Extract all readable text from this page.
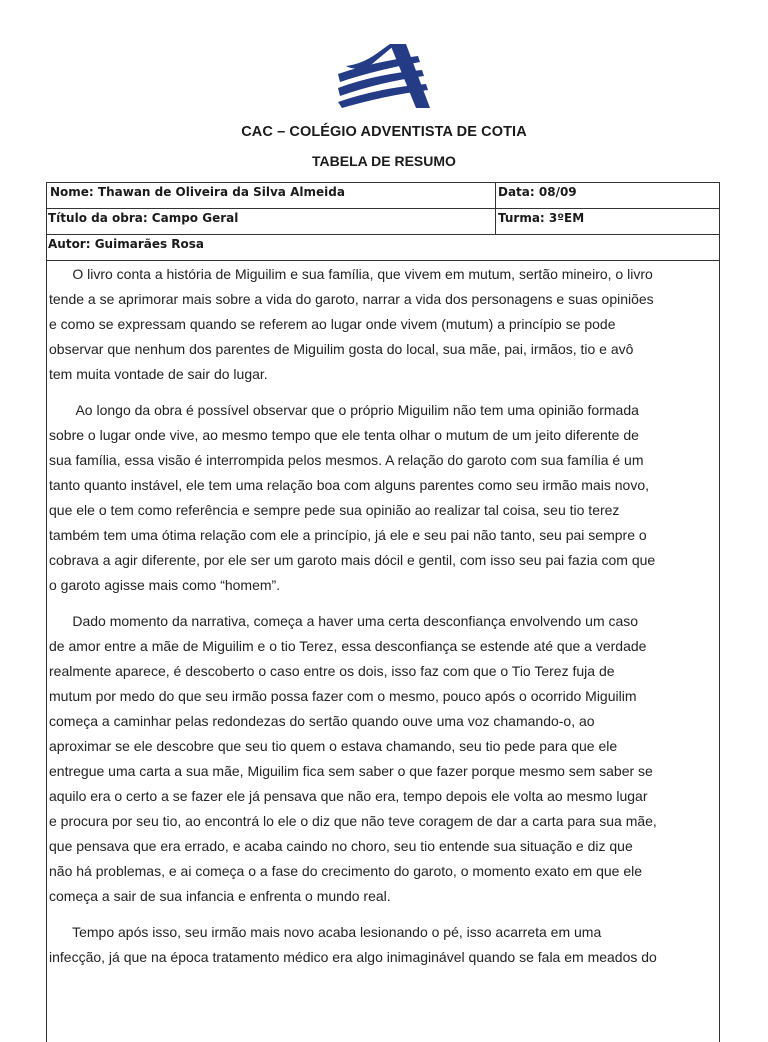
CAC – COLÉGIO ADVENTISTA DE COTIA
TABELA DE RESUMO
Nome: Thawan de Oliveira da Silva Almeida	Data: 08/09
Título da obra: Campo Geral	Turma: 3ºEM
Autor: Guimarães Rosa
O livro conta a história de Miguilim e sua família, que vivem em mutum, sertão mineiro, o livro
tende a se aprimorar mais sobre a vida do garoto, narrar a vida dos personagens e suas opiniões
e como se expressam quando se referem ao lugar onde vivem (mutum) a princípio se pode
observar que nenhum dos parentes de Miguilim gosta do local, sua mãe, pai, irmãos, tio e avô
tem muita vontade de sair do lugar.
Ao longo da obra é possível observar que o próprio Miguilim não tem uma opinião formada
sobre o lugar onde vive, ao mesmo tempo que ele tenta olhar o mutum de um jeito diferente de
sua família, essa visão é interrompida pelos mesmos. A relação do garoto com sua família é um
tanto quanto instável, ele tem uma relação boa com alguns parentes como seu irmão mais novo,
que ele o tem como referência e sempre pede sua opinião ao realizar tal coisa, seu tio terez
também tem uma ótima relação com ele a princípio, já ele e seu pai não tanto, seu pai sempre o
cobrava a agir diferente, por ele ser um garoto mais dócil e gentil, com isso seu pai fazia com que
o garoto agisse mais como “homem”.
Dado momento da narrativa, começa a haver uma certa desconfiança envolvendo um caso
de amor entre a mãe de Miguilim e o tio Terez, essa desconfiança se estende até que a verdade
realmente aparece, é descoberto o caso entre os dois, isso faz com que o Tio Terez fuja de
mutum por medo do que seu irmão possa fazer com o mesmo, pouco após o ocorrido Miguilim
começa a caminhar pelas redondezas do sertão quando ouve uma voz chamando-o, ao
aproximar se ele descobre que seu tio quem o estava chamando, seu tio pede para que ele
entregue uma carta a sua mãe, Miguilim fica sem saber o que fazer porque mesmo sem saber se
aquilo era o certo a se fazer ele já pensava que não era, tempo depois ele volta ao mesmo lugar
e procura por seu tio, ao encontrá lo ele o diz que não teve coragem de dar a carta para sua mãe,
que pensava que era errado, e acaba caindo no choro, seu tio entende sua situação e diz que
não há problemas, e ai começa o a fase do crecimento do garoto, o momento exato em que ele
começa a sair de sua infancia e enfrenta o mundo real.
Tempo após isso, seu irmão mais novo acaba lesionando o pé, isso acarreta em uma
infecção, já que na época tratamento médico era algo inimaginável quando se fala em meados do
